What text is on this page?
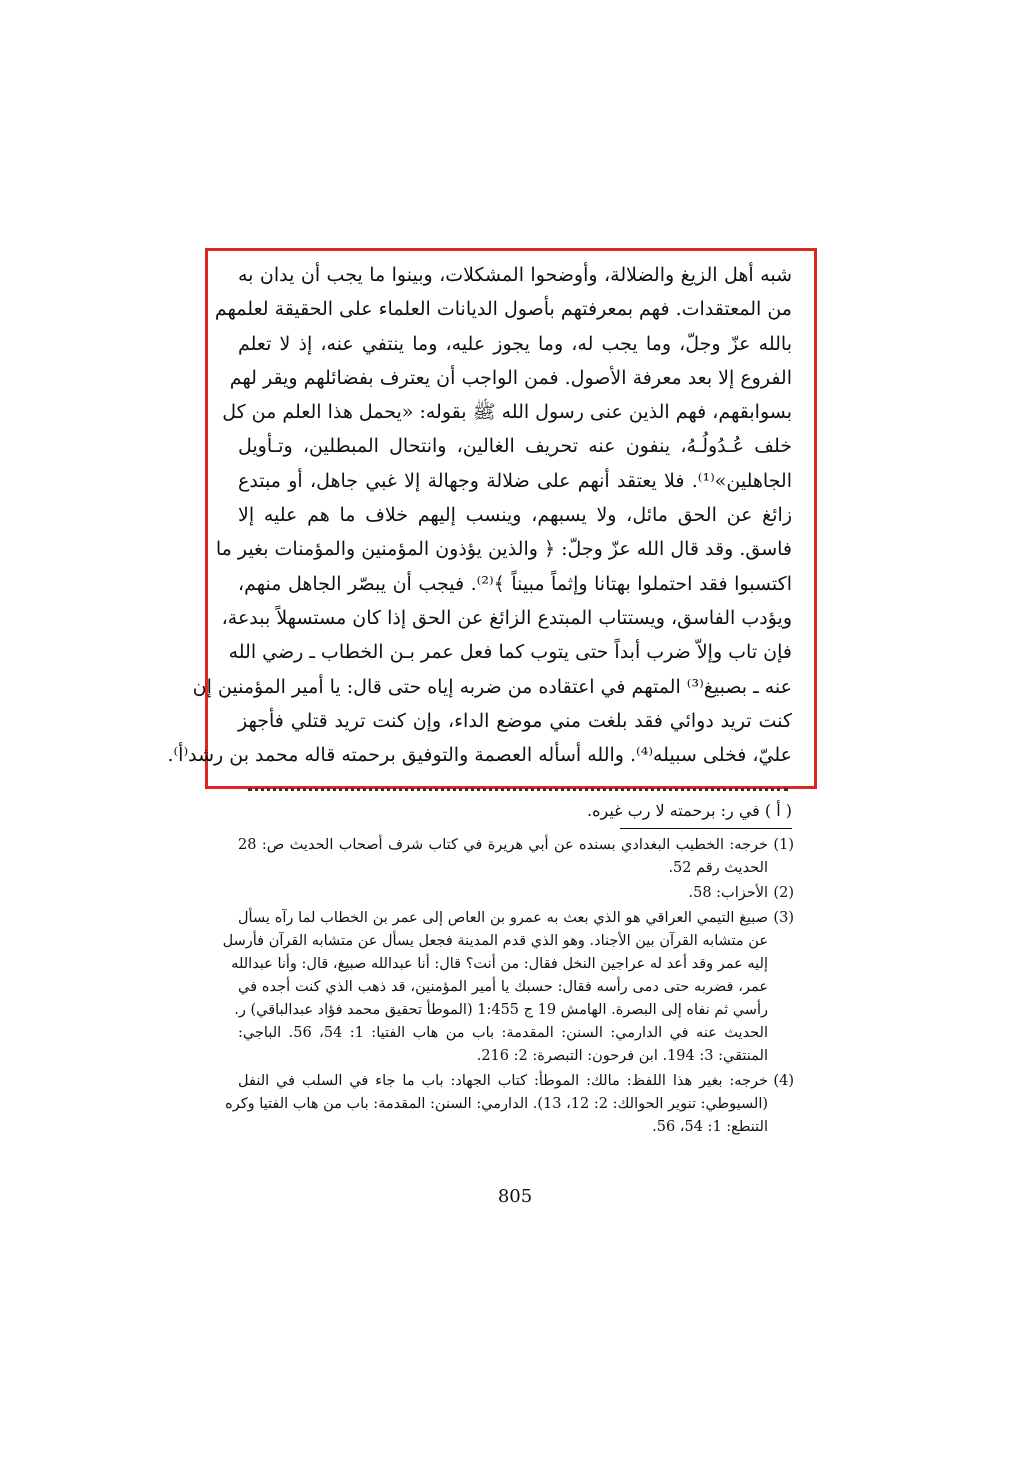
شبه أهل الزيغ والضلالة، وأوضحوا المشكلات، وبينوا ما يجب أن يدان به
من المعتقدات. فهم بمعرفتهم بأصول الديانات العلماء على الحقيقة لعلمهم
بالله عزّ وجلّ، وما يجب له، وما يجوز عليه، وما ينتفي عنه، إذ لا تعلم
الفروع إلا بعد معرفة الأصول. فمن الواجب أن يعترف بفضائلهم ويقر لهم
بسوابقهم، فهم الذين عنى رسول الله ﷺ بقوله: «يحمل هذا العلم من كل
خلف عُـدُولُـهُ، ينفون عنه تحريف الغالين، وانتحال المبطلين، وتـأويل
الجاهلين»⁽¹⁾. فلا يعتقد أنهم على ضلالة وجهالة إلا غبي جاهل، أو مبتدع
زائغ عن الحق مائل، ولا يسبهم، وينسب إليهم خلاف ما هم عليه إلا
فاسق. وقد قال الله عزّ وجلّ: ﴿ والذين يؤذون المؤمنين والمؤمنات بغير ما
اكتسبوا فقد احتملوا بهتانا وإثماً مبيناً ﴾⁽²⁾. فيجب أن يبصّر الجاهل منهم،
ويؤدب الفاسق، ويستتاب المبتدع الزائغ عن الحق إذا كان مستسهلاً ببدعة،
فإن تاب وإلاّ ضرب أبداً حتى يتوب كما فعل عمر بـن الخطاب ـ رضي الله
عنه ـ بصبيغ⁽³⁾ المتهم في اعتقاده من ضربه إياه حتى قال: يا أمير المؤمنين إن
كنت تريد دوائي فقد بلغت مني موضع الداء، وإن كنت تريد قتلي فأجهز
عليّ، فخلى سبيله⁽⁴⁾. والله أسأله العصمة والتوفيق برحمته قاله محمد بن رشد⁽أ⁾.
( أ ) في ر: برحمته لا رب غيره.
(1)
خرجه: الخطيب البغدادي بسنده عن أبي هريرة في كتاب شرف أصحاب الحديث ص: 28
الحديث رقم 52.
(2)
الأحزاب: 58.
(3)
صبيغ التيمي العراقي هو الذي بعث به عمرو بن العاص إلى عمر بن الخطاب لما رآه يسأل
عن متشابه القرآن بين الأجناد. وهو الذي قدم المدينة فجعل يسأل عن متشابه القرآن فأرسل
إليه عمر وقد أعد له عراجين النخل فقال: من أنت؟ قال: أنا عبدالله صبيغ، قال: وأنا عبدالله
عمر، فضربه حتى دمى رأسه فقال: حسبك يا أمير المؤمنين، قد ذهب الذي كنت أجده في
رأسي ثم نفاه إلى البصرة. الهامش 19 ج 1:455 (الموطأ تحقيق محمد فؤاد عبدالباقي) ر.
الحديث عنه في الدارمي: السنن: المقدمة: باب من هاب الفتيا: 1: 54، 56. الباجي:
المنتقي: 3: 194. ابن فرحون: التبصرة: 2: 216.
(4)
خرجه: بغير هذا اللفظ: مالك: الموطأ: كتاب الجهاد: باب ما جاء في السلب في النفل
(السيوطي: تنوير الحوالك: 2: 12، 13). الدارمي: السنن: المقدمة: باب من هاب الفتيا وكره
التنطع: 1: 54، 56.
805
